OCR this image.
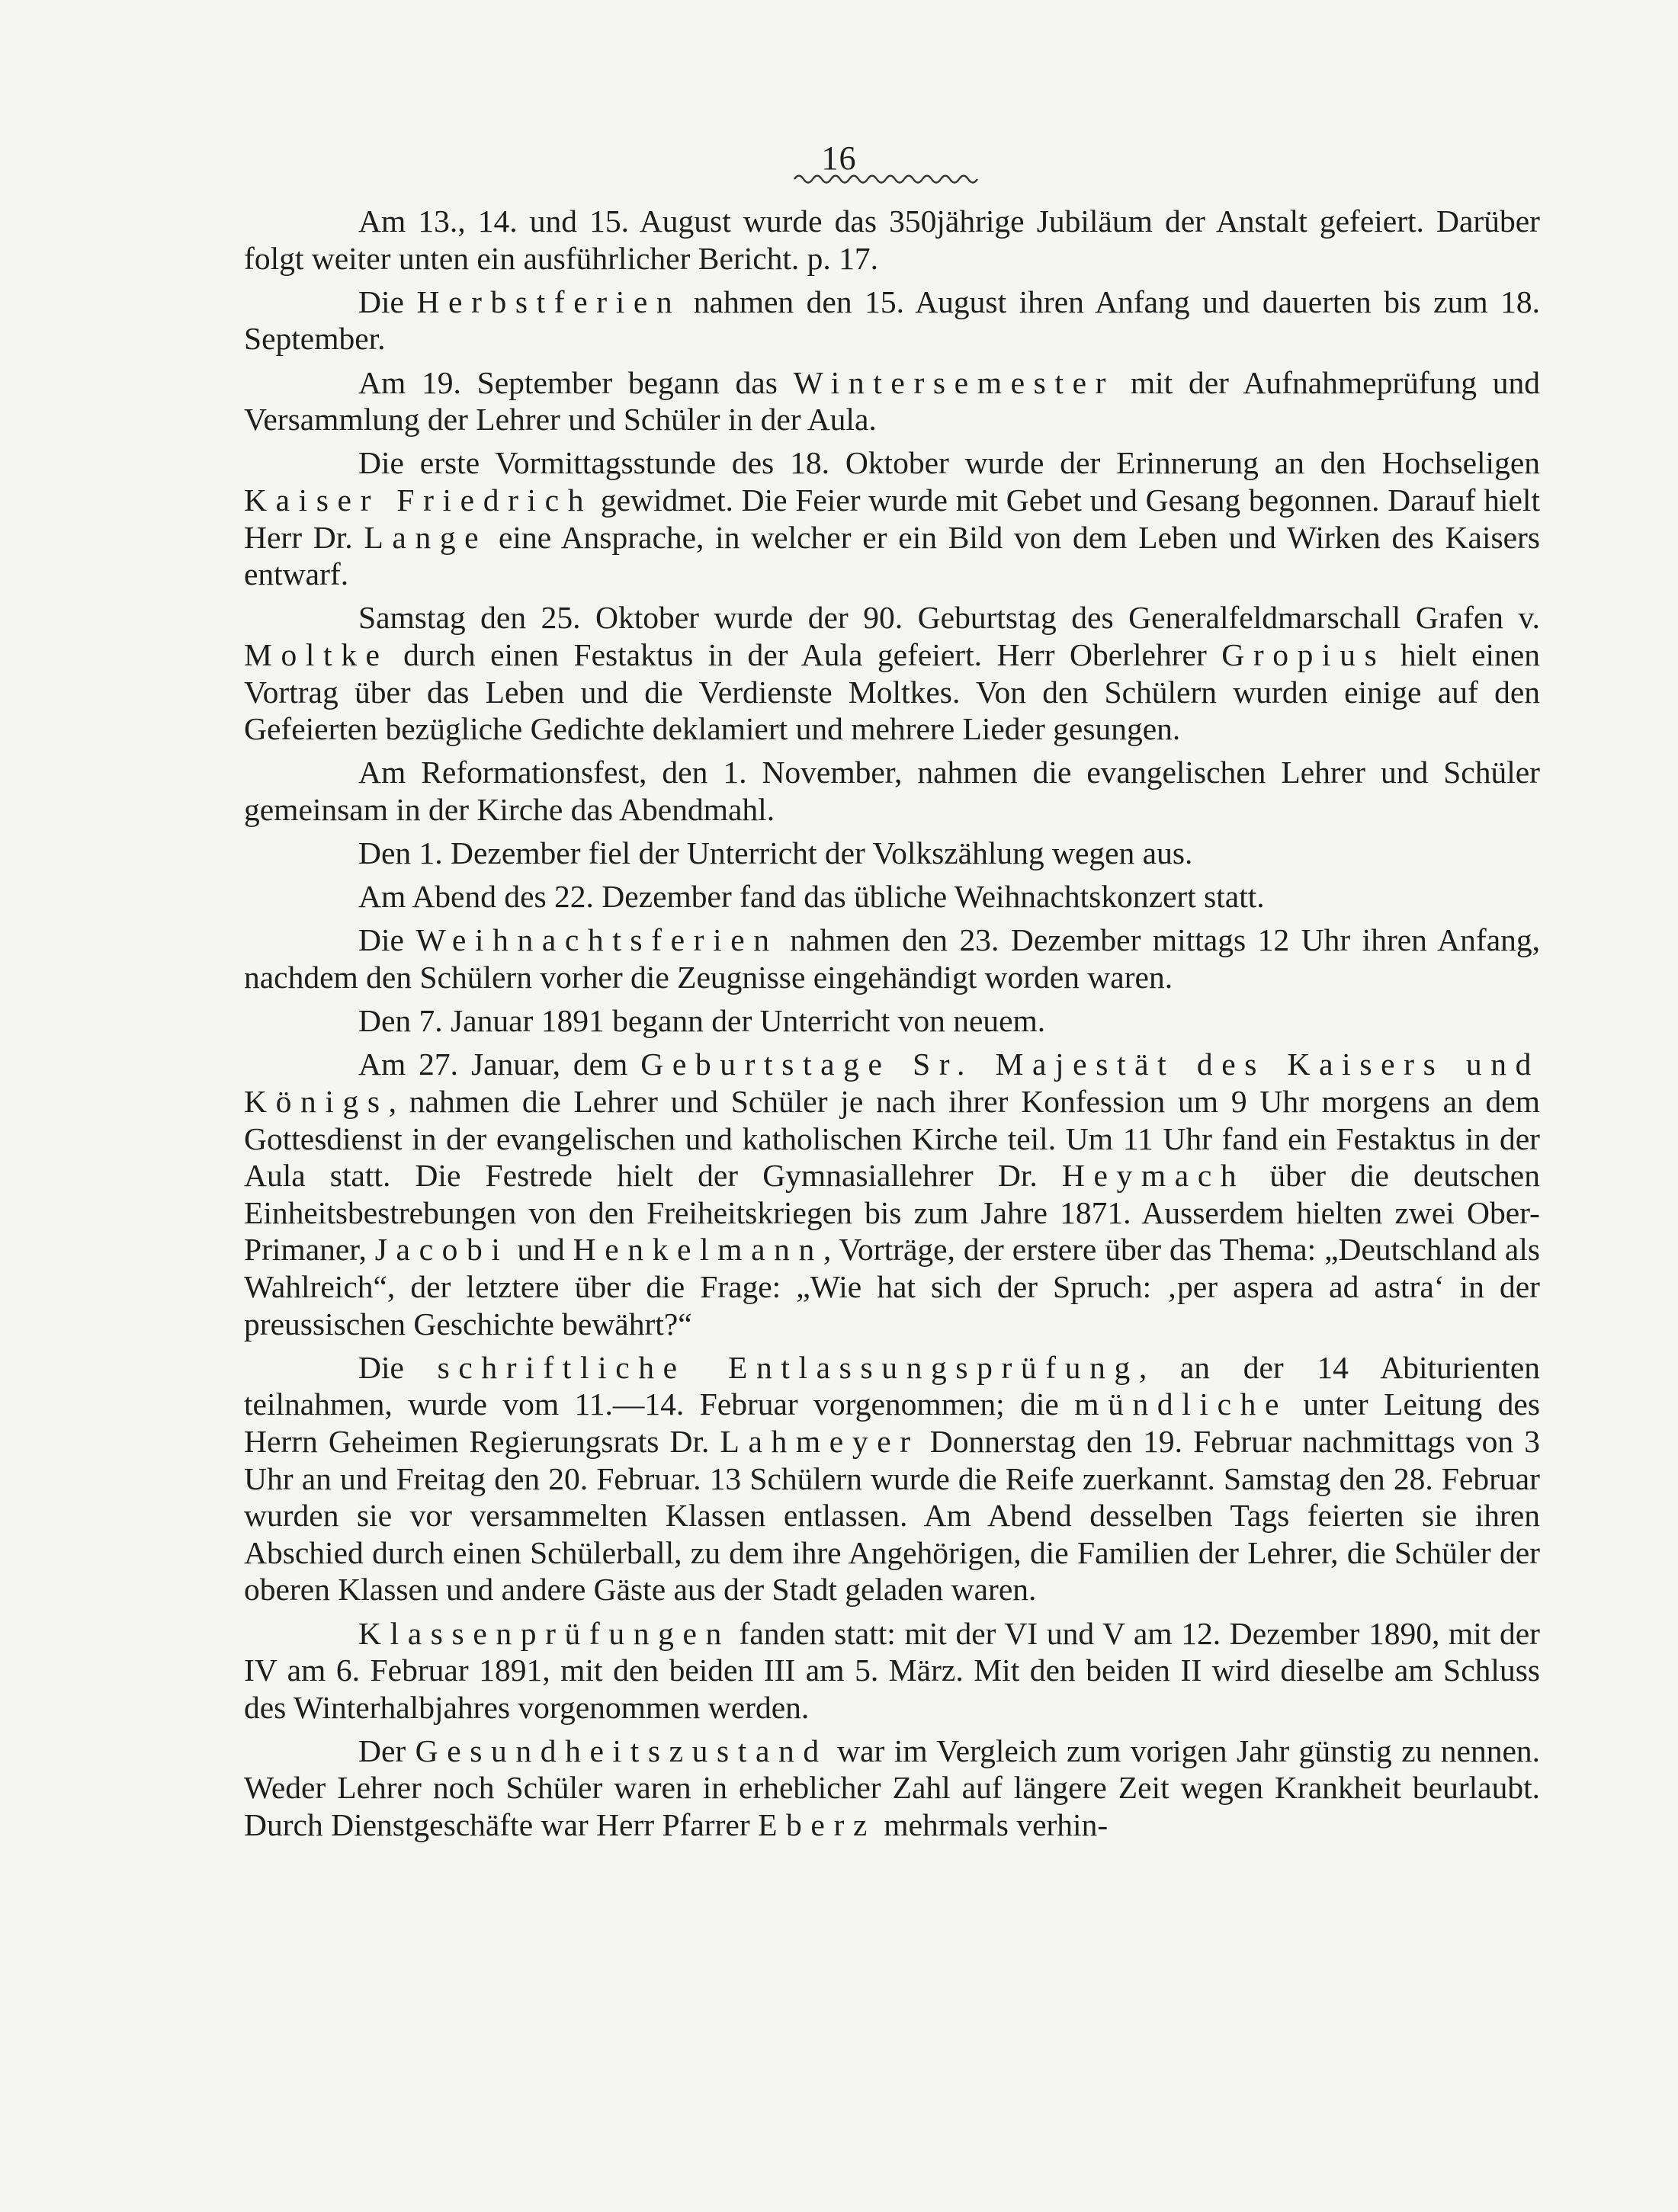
16

Am 13., 14. und 15. August wurde das 350jährige Jubiläum der Anstalt gefeiert. Darüber folgt weiter unten ein ausführlicher Bericht. p. 17.

Die Herbstferien nahmen den 15. August ihren Anfang und dauerten bis zum 18. September.

Am 19. September begann das Wintersemester mit der Aufnahmeprüfung und Versammlung der Lehrer und Schüler in der Aula.

Die erste Vormittagsstunde des 18. Oktober wurde der Erinnerung an den Hochseligen Kaiser Friedrich gewidmet. Die Feier wurde mit Gebet und Gesang begonnen. Darauf hielt Herr Dr. Lange eine Ansprache, in welcher er ein Bild von dem Leben und Wirken des Kaisers entwarf.

Samstag den 25. Oktober wurde der 90. Geburtstag des Generalfeldmarschall Grafen v. Moltke durch einen Festaktus in der Aula gefeiert. Herr Oberlehrer Gropius hielt einen Vortrag über das Leben und die Verdienste Moltkes. Von den Schülern wurden einige auf den Gefeierten bezügliche Gedichte deklamiert und mehrere Lieder gesungen.

Am Reformationsfest, den 1. November, nahmen die evangelischen Lehrer und Schüler gemeinsam in der Kirche das Abendmahl.

Den 1. Dezember fiel der Unterricht der Volkszählung wegen aus.

Am Abend des 22. Dezember fand das übliche Weihnachtskonzert statt.

Die Weihnachtsferien nahmen den 23. Dezember mittags 12 Uhr ihren Anfang, nachdem den Schülern vorher die Zeugnisse eingehändigt worden waren.

Den 7. Januar 1891 begann der Unterricht von neuem.

Am 27. Januar, dem Geburtstage Sr. Majestät des Kaisers und Königs, nahmen die Lehrer und Schüler je nach ihrer Konfession um 9 Uhr morgens an dem Gottesdienst in der evangelischen und katholischen Kirche teil. Um 11 Uhr fand ein Festaktus in der Aula statt. Die Festrede hielt der Gymnasiallehrer Dr. Heymach über die deutschen Einheitsbestrebungen von den Freiheitskriegen bis zum Jahre 1871. Ausserdem hielten zwei Ober-Primaner, Jacobi und Henkelmann, Vorträge, der erstere über das Thema: „Deutschland als Wahlreich“, der letztere über die Frage: „Wie hat sich der Spruch: ‚per aspera ad astra‘ in der preussischen Geschichte bewährt?“

Die schriftliche Entlassungsprüfung, an der 14 Abiturienten teilnahmen, wurde vom 11.—14. Februar vorgenommen; die mündliche unter Leitung des Herrn Geheimen Regierungsrats Dr. Lahmeyer Donnerstag den 19. Februar nachmittags von 3 Uhr an und Freitag den 20. Februar. 13 Schülern wurde die Reife zuerkannt. Samstag den 28. Februar wurden sie vor versammelten Klassen entlassen. Am Abend desselben Tags feierten sie ihren Abschied durch einen Schülerball, zu dem ihre Angehörigen, die Familien der Lehrer, die Schüler der oberen Klassen und andere Gäste aus der Stadt geladen waren.

Klassenprüfungen fanden statt: mit der VI und V am 12. Dezember 1890, mit der IV am 6. Februar 1891, mit den beiden III am 5. März. Mit den beiden II wird dieselbe am Schluss des Winterhalbjahres vorgenommen werden.

Der Gesundheitszustand war im Vergleich zum vorigen Jahr günstig zu nennen. Weder Lehrer noch Schüler waren in erheblicher Zahl auf längere Zeit wegen Krankheit beurlaubt. Durch Dienstgeschäfte war Herr Pfarrer Eberz mehrmals verhin-
